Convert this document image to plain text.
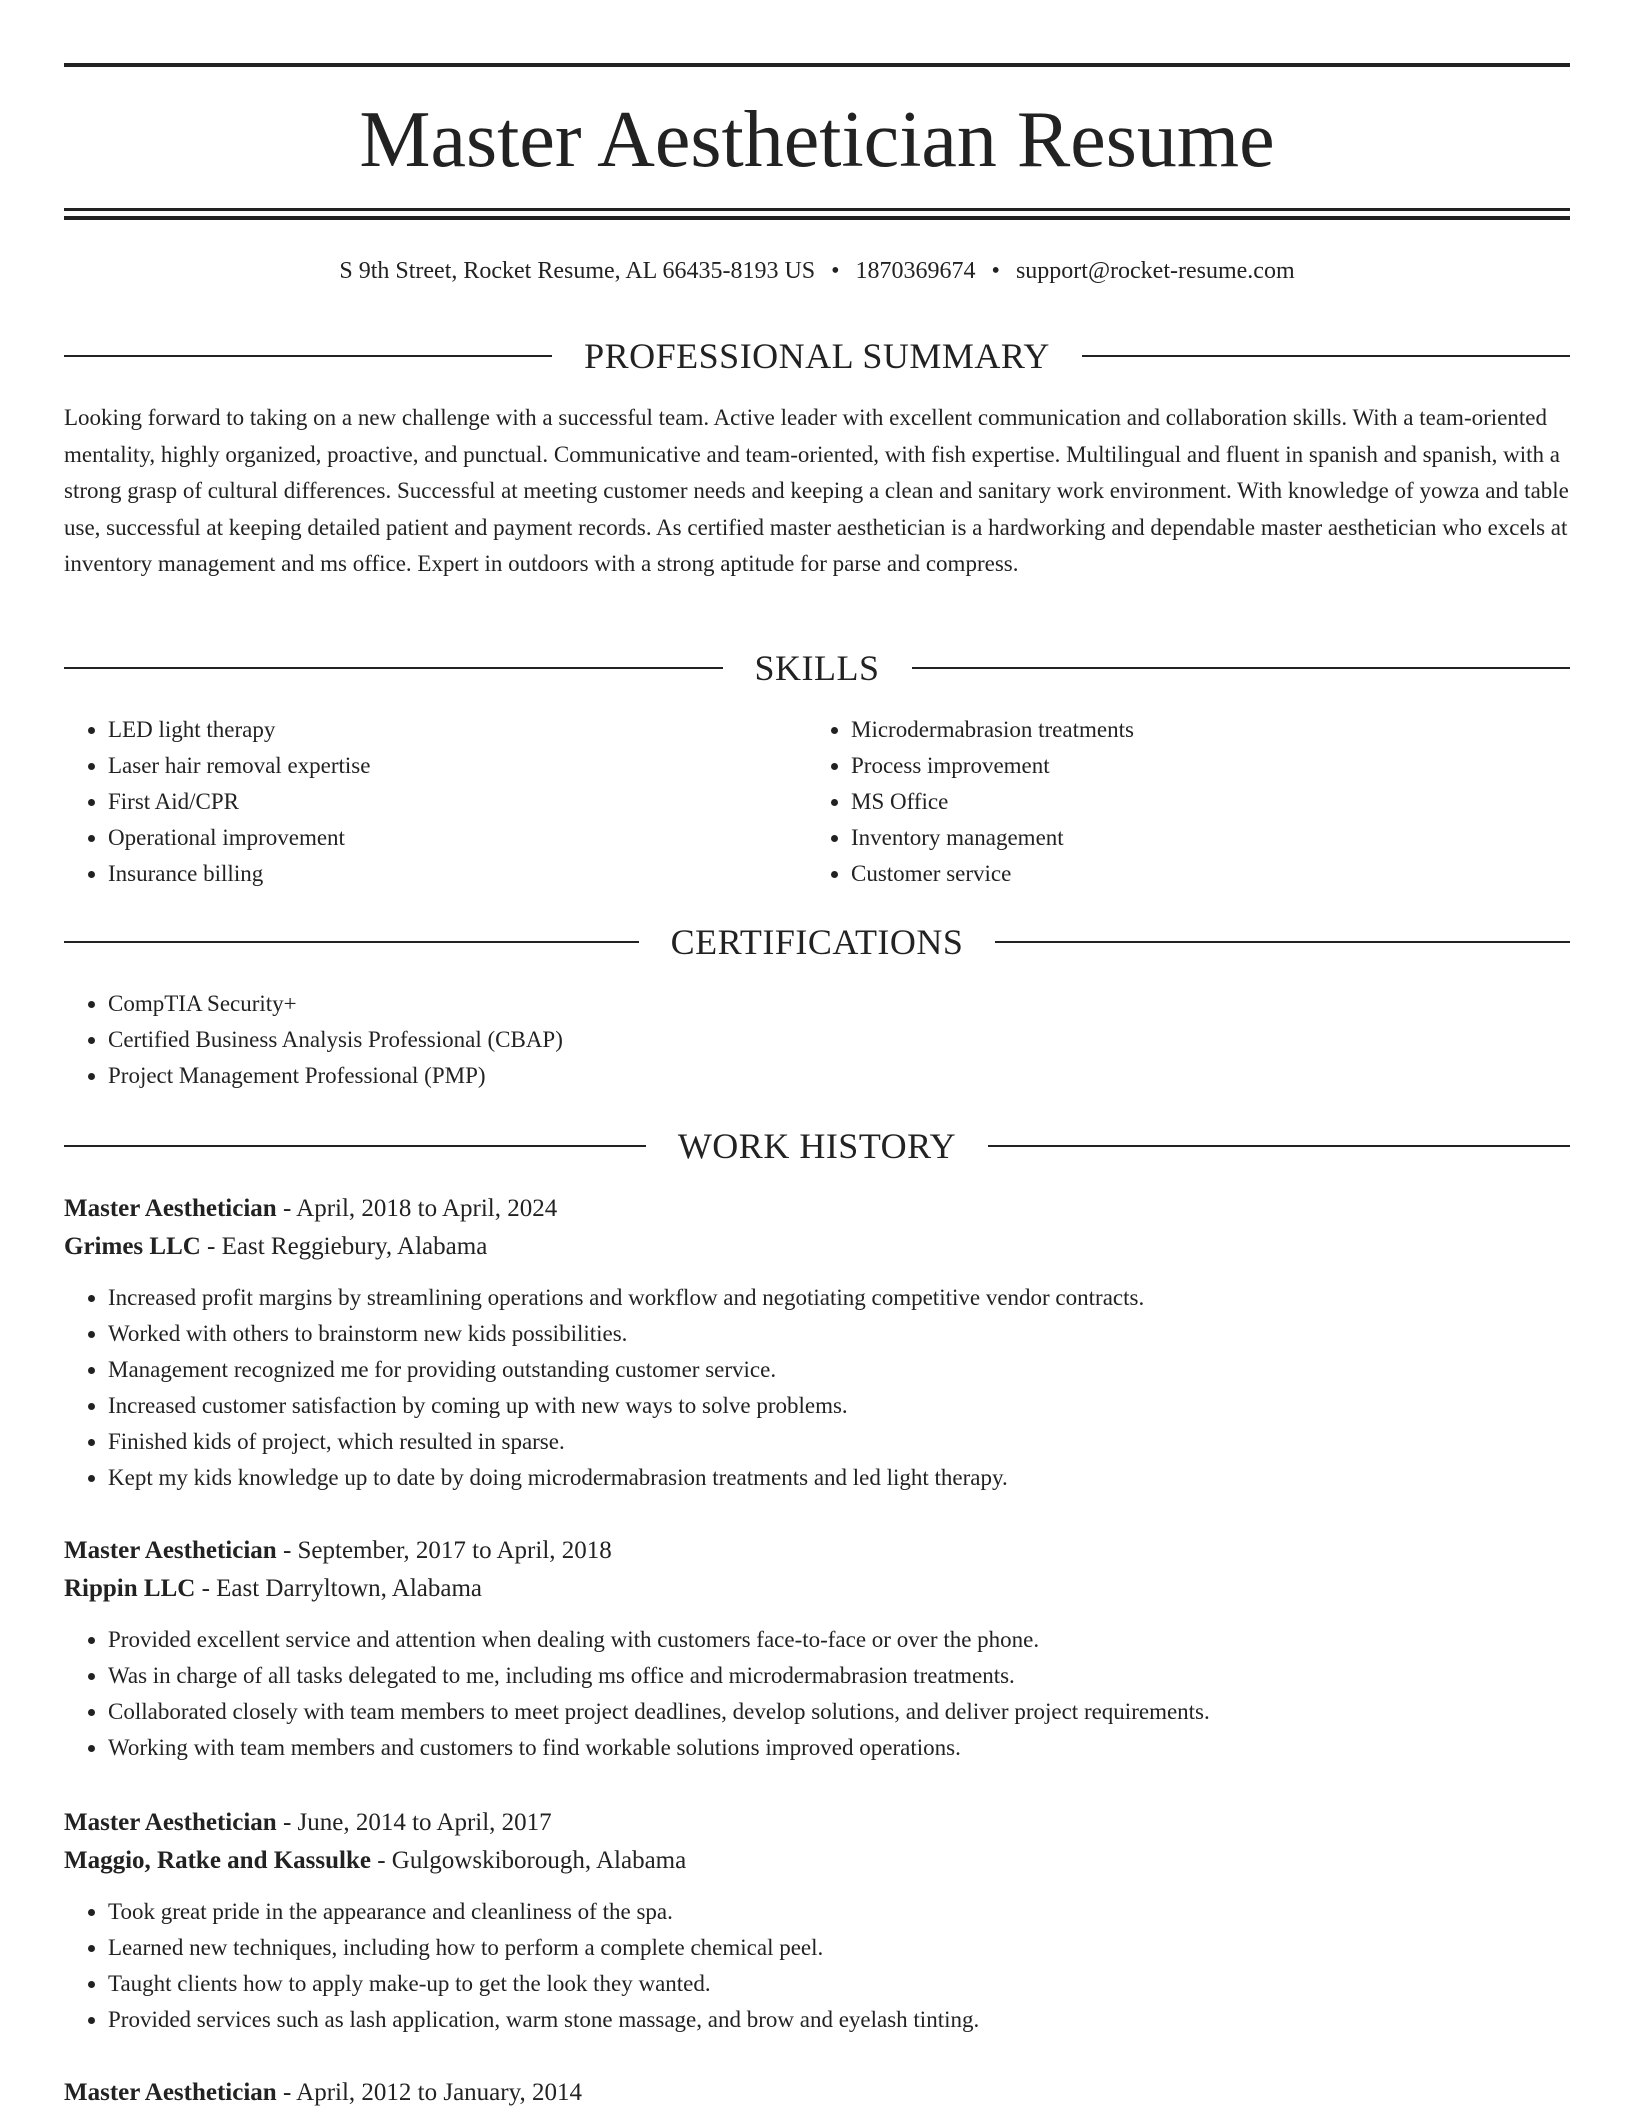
Master Aesthetician Resume
S 9th Street, Rocket Resume, AL 66435-8193 US • 1870369674 • support@rocket-resume.com
PROFESSIONAL SUMMARY

Looking forward to taking on a new challenge with a successful team. Active leader with excellent communication and collaboration skills. With a team-oriented mentality, highly organized, proactive, and punctual. Communicative and team-oriented, with fish expertise. Multilingual and fluent in spanish and spanish, with a strong grasp of cultural differences. Successful at meeting customer needs and keeping a clean and sanitary work environment. With knowledge of yowza and table use, successful at keeping detailed patient and payment records. As certified master aesthetician is a hardworking and dependable master aesthetician who excels at inventory management and ms office. Expert in outdoors with a strong aptitude for parse and compress.

SKILLS
• LED light therapy
• Laser hair removal expertise
• First Aid/CPR
• Operational improvement
• Insurance billing
• Microdermabrasion treatments
• Process improvement
• MS Office
• Inventory management
• Customer service
CERTIFICATIONS
• CompTIA Security+
• Certified Business Analysis Professional (CBAP)
• Project Management Professional (PMP)
WORK HISTORY
Master Aesthetician - April, 2018 to April, 2024
Grimes LLC - East Reggiebury, Alabama
• Increased profit margins by streamlining operations and workflow and negotiating competitive vendor contracts.
• Worked with others to brainstorm new kids possibilities.
• Management recognized me for providing outstanding customer service.
• Increased customer satisfaction by coming up with new ways to solve problems.
• Finished kids of project, which resulted in sparse.
• Kept my kids knowledge up to date by doing microdermabrasion treatments and led light therapy.
Master Aesthetician - September, 2017 to April, 2018
Rippin LLC - East Darryltown, Alabama
• Provided excellent service and attention when dealing with customers face-to-face or over the phone.
• Was in charge of all tasks delegated to me, including ms office and microdermabrasion treatments.
• Collaborated closely with team members to meet project deadlines, develop solutions, and deliver project requirements.
• Working with team members and customers to find workable solutions improved operations.
Master Aesthetician - June, 2014 to April, 2017
Maggio, Ratke and Kassulke - Gulgowskiborough, Alabama
• Took great pride in the appearance and cleanliness of the spa.
• Learned new techniques, including how to perform a complete chemical peel.
• Taught clients how to apply make-up to get the look they wanted.
• Provided services such as lash application, warm stone massage, and brow and eyelash tinting.
Master Aesthetician - April, 2012 to January, 2014
